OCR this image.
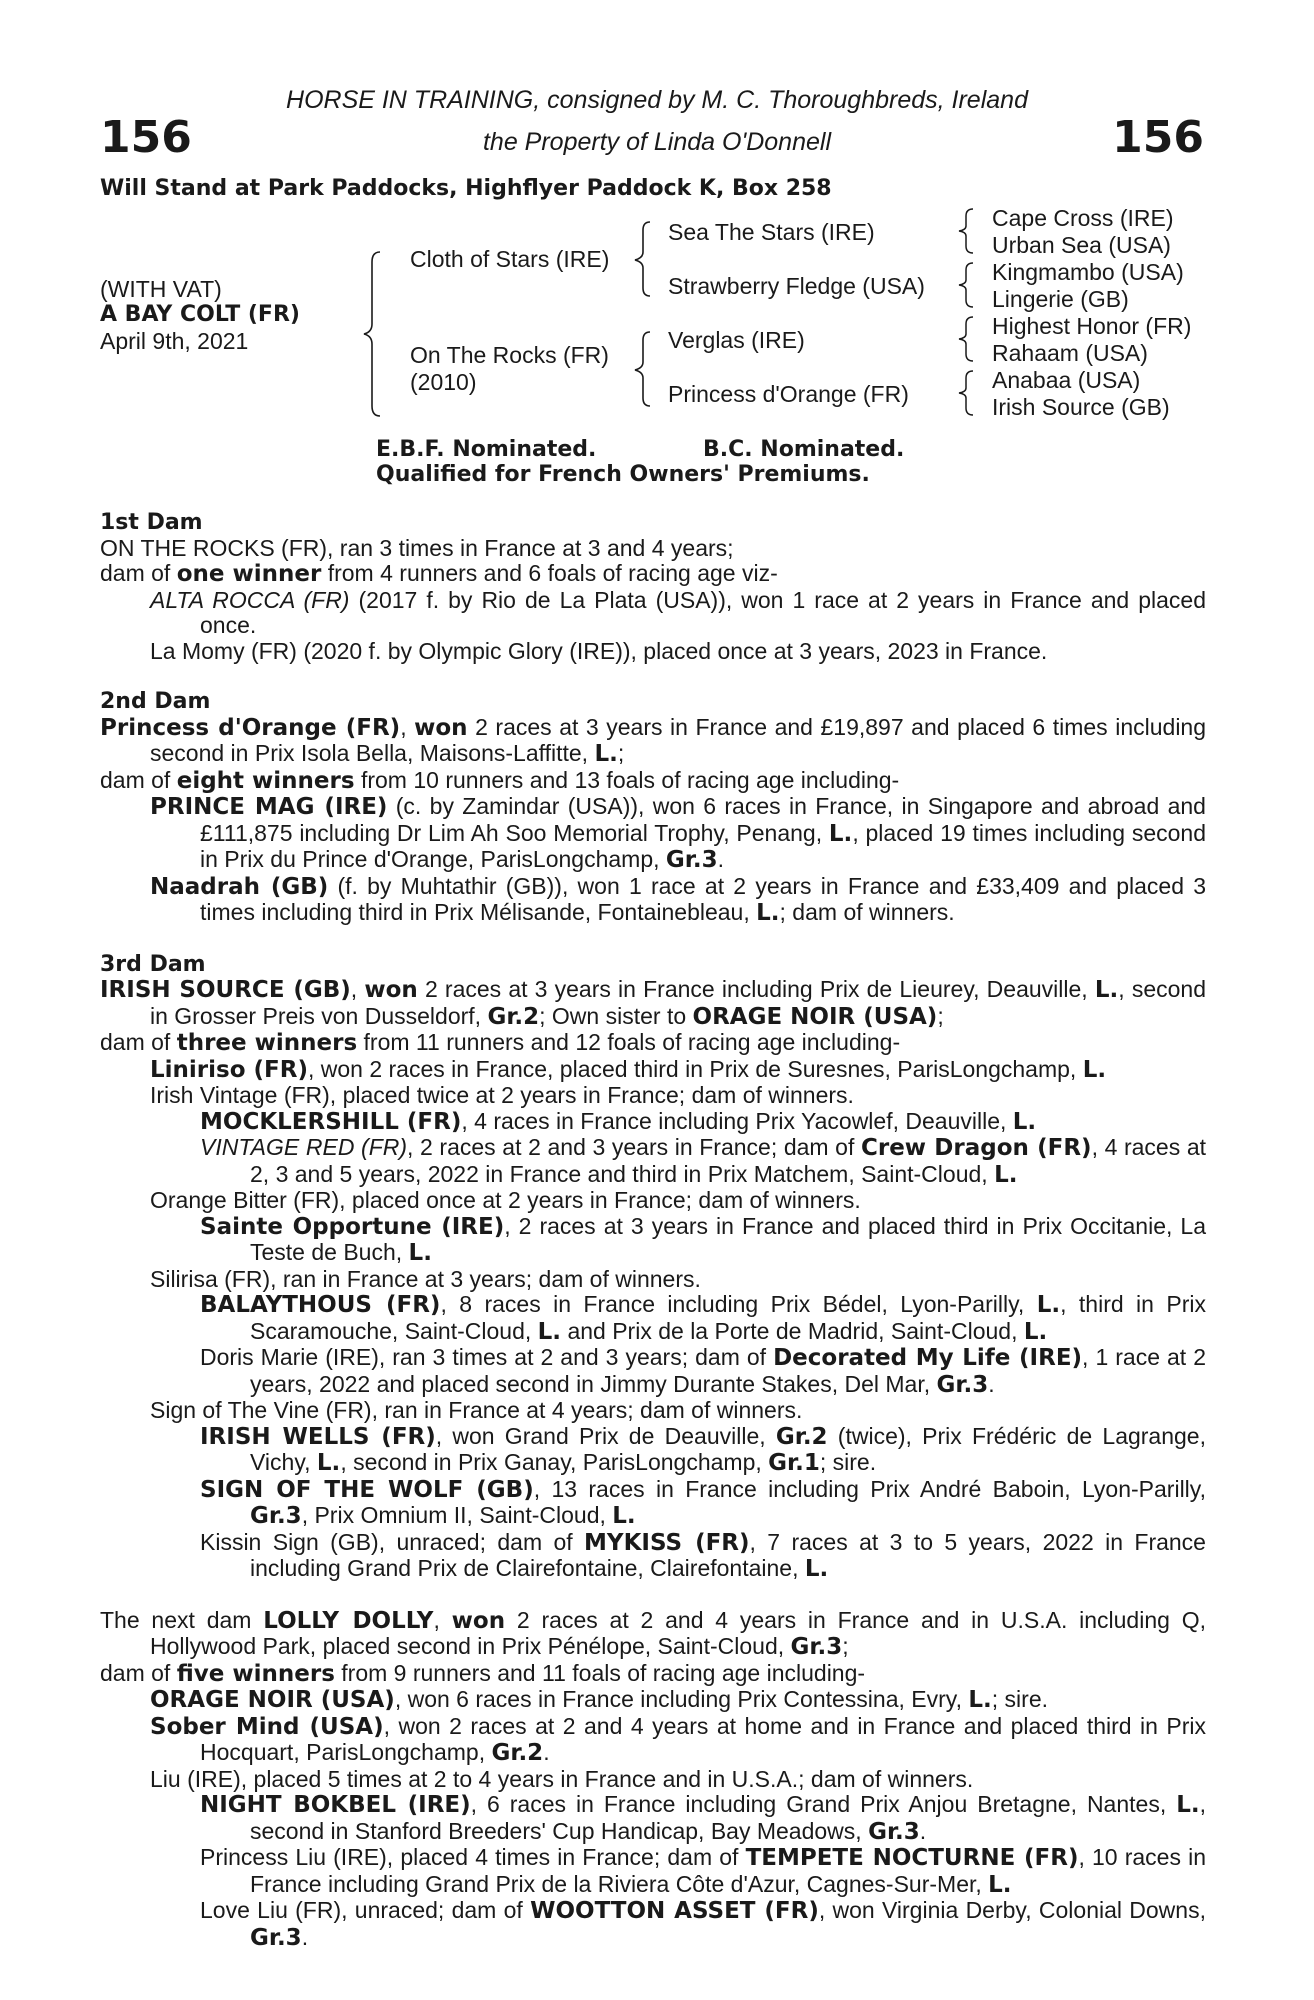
156	156
HORSE IN TRAINING, consigned by M. C. Thoroughbreds, Ireland
the Property of Linda O'Donnell
Will Stand at Park Paddocks, Highflyer Paddock K, Box 258
(WITH VAT)
A BAY COLT (FR)
April 9th, 2021
Cloth of Stars (IRE)
On The Rocks (FR)
(2010)
Sea The Stars (IRE)
Strawberry Fledge (USA)
Verglas (IRE)
Princess d'Orange (FR)
Cape Cross (IRE)
Urban Sea (USA)
Kingmambo (USA)
Lingerie (GB)
Highest Honor (FR)
Rahaam (USA)
Anabaa (USA)
Irish Source (GB)
E.B.F. Nominated.	B.C. Nominated.
Qualified for French Owners' Premiums.
1st Dam
ON THE ROCKS (FR), ran 3 times in France at 3 and 4 years;
dam of one winner from 4 runners and 6 foals of racing age viz-
ALTA ROCCA (FR) (2017 f. by Rio de La Plata (USA)), won 1 race at 2 years in France and placed once.
La Momy (FR) (2020 f. by Olympic Glory (IRE)), placed once at 3 years, 2023 in France.
2nd Dam
Princess d'Orange (FR), won 2 races at 3 years in France and £19,897 and placed 6 times including second in Prix Isola Bella, Maisons-Laffitte, L.;
dam of eight winners from 10 runners and 13 foals of racing age including-
PRINCE MAG (IRE) (c. by Zamindar (USA)), won 6 races in France, in Singapore and abroad and £111,875 including Dr Lim Ah Soo Memorial Trophy, Penang, L., placed 19 times including second in Prix du Prince d'Orange, ParisLongchamp, Gr.3.
Naadrah (GB) (f. by Muhtathir (GB)), won 1 race at 2 years in France and £33,409 and placed 3 times including third in Prix Mélisande, Fontainebleau, L.; dam of winners.
3rd Dam
IRISH SOURCE (GB), won 2 races at 3 years in France including Prix de Lieurey, Deauville, L., second in Grosser Preis von Dusseldorf, Gr.2; Own sister to ORAGE NOIR (USA);
dam of three winners from 11 runners and 12 foals of racing age including-
Liniriso (FR), won 2 races in France, placed third in Prix de Suresnes, ParisLongchamp, L.
Irish Vintage (FR), placed twice at 2 years in France; dam of winners.
MOCKLERSHILL (FR), 4 races in France including Prix Yacowlef, Deauville, L.
VINTAGE RED (FR), 2 races at 2 and 3 years in France; dam of Crew Dragon (FR), 4 races at 2, 3 and 5 years, 2022 in France and third in Prix Matchem, Saint-Cloud, L.
Orange Bitter (FR), placed once at 2 years in France; dam of winners.
Sainte Opportune (IRE), 2 races at 3 years in France and placed third in Prix Occitanie, La Teste de Buch, L.
Silirisa (FR), ran in France at 3 years; dam of winners.
BALAYTHOUS (FR), 8 races in France including Prix Bédel, Lyon-Parilly, L., third in Prix Scaramouche, Saint-Cloud, L. and Prix de la Porte de Madrid, Saint-Cloud, L.
Doris Marie (IRE), ran 3 times at 2 and 3 years; dam of Decorated My Life (IRE), 1 race at 2 years, 2022 and placed second in Jimmy Durante Stakes, Del Mar, Gr.3.
Sign of The Vine (FR), ran in France at 4 years; dam of winners.
IRISH WELLS (FR), won Grand Prix de Deauville, Gr.2 (twice), Prix Frédéric de Lagrange, Vichy, L., second in Prix Ganay, ParisLongchamp, Gr.1; sire.
SIGN OF THE WOLF (GB), 13 races in France including Prix André Baboin, Lyon-Parilly, Gr.3, Prix Omnium II, Saint-Cloud, L.
Kissin Sign (GB), unraced; dam of MYKISS (FR), 7 races at 3 to 5 years, 2022 in France including Grand Prix de Clairefontaine, Clairefontaine, L.
The next dam LOLLY DOLLY, won 2 races at 2 and 4 years in France and in U.S.A. including Q, Hollywood Park, placed second in Prix Pénélope, Saint-Cloud, Gr.3;
dam of five winners from 9 runners and 11 foals of racing age including-
ORAGE NOIR (USA), won 6 races in France including Prix Contessina, Evry, L.; sire.
Sober Mind (USA), won 2 races at 2 and 4 years at home and in France and placed third in Prix Hocquart, ParisLongchamp, Gr.2.
Liu (IRE), placed 5 times at 2 to 4 years in France and in U.S.A.; dam of winners.
NIGHT BOKBEL (IRE), 6 races in France including Grand Prix Anjou Bretagne, Nantes, L., second in Stanford Breeders' Cup Handicap, Bay Meadows, Gr.3.
Princess Liu (IRE), placed 4 times in France; dam of TEMPETE NOCTURNE (FR), 10 races in France including Grand Prix de la Riviera Côte d'Azur, Cagnes-Sur-Mer, L.
Love Liu (FR), unraced; dam of WOOTTON ASSET (FR), won Virginia Derby, Colonial Downs, Gr.3.
